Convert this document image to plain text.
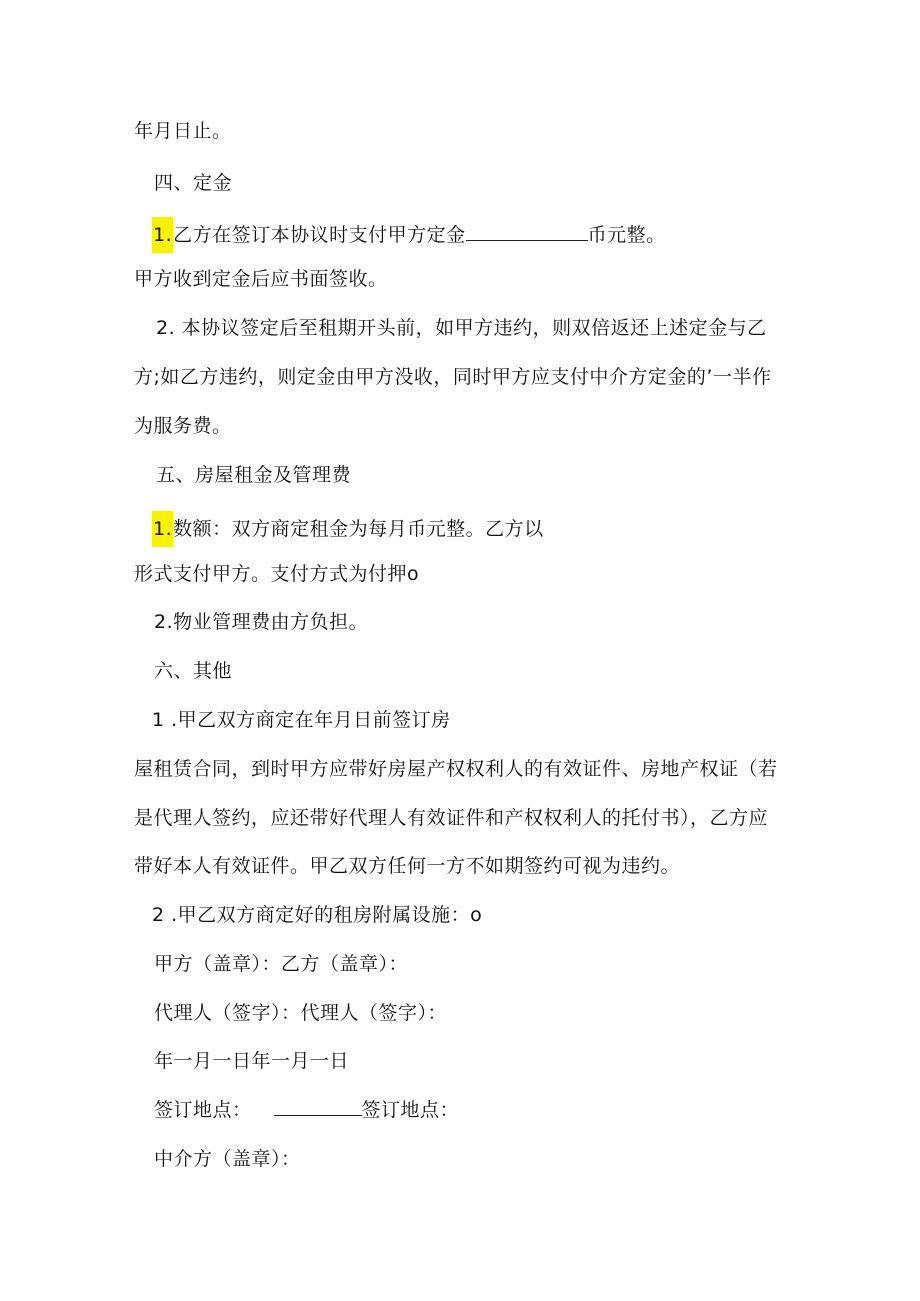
年月日止。
四、定金
1.乙方在签订本协议时支付甲方定金	币元整。
甲方收到定金后应书面签收。
2. 本协议签定后至租期开头前，如甲方违约，则双倍返还上述定金与乙
方;如乙方违约，则定金由甲方没收，同时甲方应支付中介方定金的’一半作
为服务费。
五、房屋租金及管理费
1.数额：双方商定租金为每月币元整。乙方以
形式支付甲方。支付方式为付押o
2.物业管理费由方负担。
六、其他
1 .甲乙双方商定在年月日前签订房
屋租赁合同，到时甲方应带好房屋产权权利人的有效证件、房地产权证（若
是代理人签约，应还带好代理人有效证件和产权权利人的托付书），乙方应
带好本人有效证件。甲乙双方任何一方不如期签约可视为违约。
2 .甲乙双方商定好的租房附属设施：o
甲方（盖章）：乙方（盖章）：
代理人（签字）：代理人（签字）：
年一月一日年一月一日
签订地点：	签订地点：
中介方（盖章）：
